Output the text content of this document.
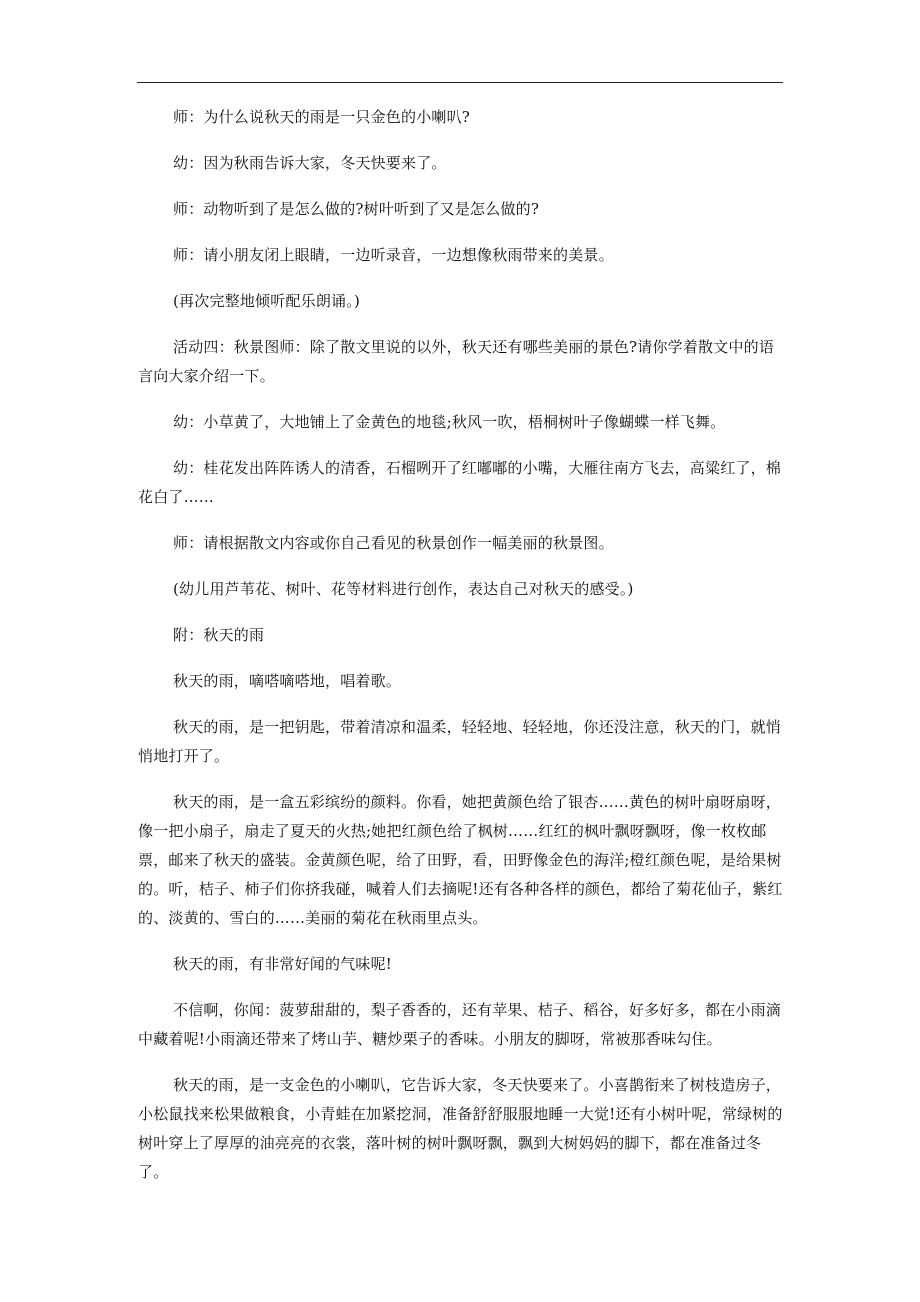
师：为什么说秋天的雨是一只金色的小喇叭?

幼：因为秋雨告诉大家，冬天快要来了。

师：动物听到了是怎么做的?树叶听到了又是怎么做的?

师：请小朋友闭上眼睛，一边听录音，一边想像秋雨带来的美景。

(再次完整地倾听配乐朗诵。)

活动四：秋景图师：除了散文里说的以外，秋天还有哪些美丽的景色?请你学着散文中的语言向大家介绍一下。

幼：小草黄了，大地铺上了金黄色的地毯;秋风一吹，梧桐树叶子像蝴蝶一样飞舞。

幼：桂花发出阵阵诱人的清香，石榴咧开了红嘟嘟的小嘴，大雁往南方飞去，高粱红了，棉花白了……

师：请根据散文内容或你自己看见的秋景创作一幅美丽的秋景图。

(幼儿用芦苇花、树叶、花等材料进行创作，表达自己对秋天的感受。)

附：秋天的雨

秋天的雨，嘀嗒嘀嗒地，唱着歌。

秋天的雨，是一把钥匙，带着清凉和温柔，轻轻地、轻轻地，你还没注意，秋天的门，就悄悄地打开了。

秋天的雨，是一盒五彩缤纷的颜料。你看，她把黄颜色给了银杏……黄色的树叶扇呀扇呀，像一把小扇子，扇走了夏天的火热;她把红颜色给了枫树……红红的枫叶飘呀飘呀，像一枚枚邮票，邮来了秋天的盛装。金黄颜色呢，给了田野，看，田野像金色的海洋;橙红颜色呢，是给果树的。听，桔子、柿子们你挤我碰，喊着人们去摘呢!还有各种各样的颜色，都给了菊花仙子，紫红的、淡黄的、雪白的……美丽的菊花在秋雨里点头。

秋天的雨，有非常好闻的气味呢!

不信啊，你闻：菠萝甜甜的，梨子香香的，还有苹果、桔子、稻谷，好多好多，都在小雨滴中藏着呢!小雨滴还带来了烤山芋、糖炒栗子的香味。小朋友的脚呀，常被那香味勾住。

秋天的雨，是一支金色的小喇叭，它告诉大家，冬天快要来了。小喜鹊衔来了树枝造房子，小松鼠找来松果做粮食，小青蛙在加紧挖洞，准备舒舒服服地睡一大觉!还有小树叶呢，常绿树的树叶穿上了厚厚的油亮亮的衣裳，落叶树的树叶飘呀飘，飘到大树妈妈的脚下，都在准备过冬了。
